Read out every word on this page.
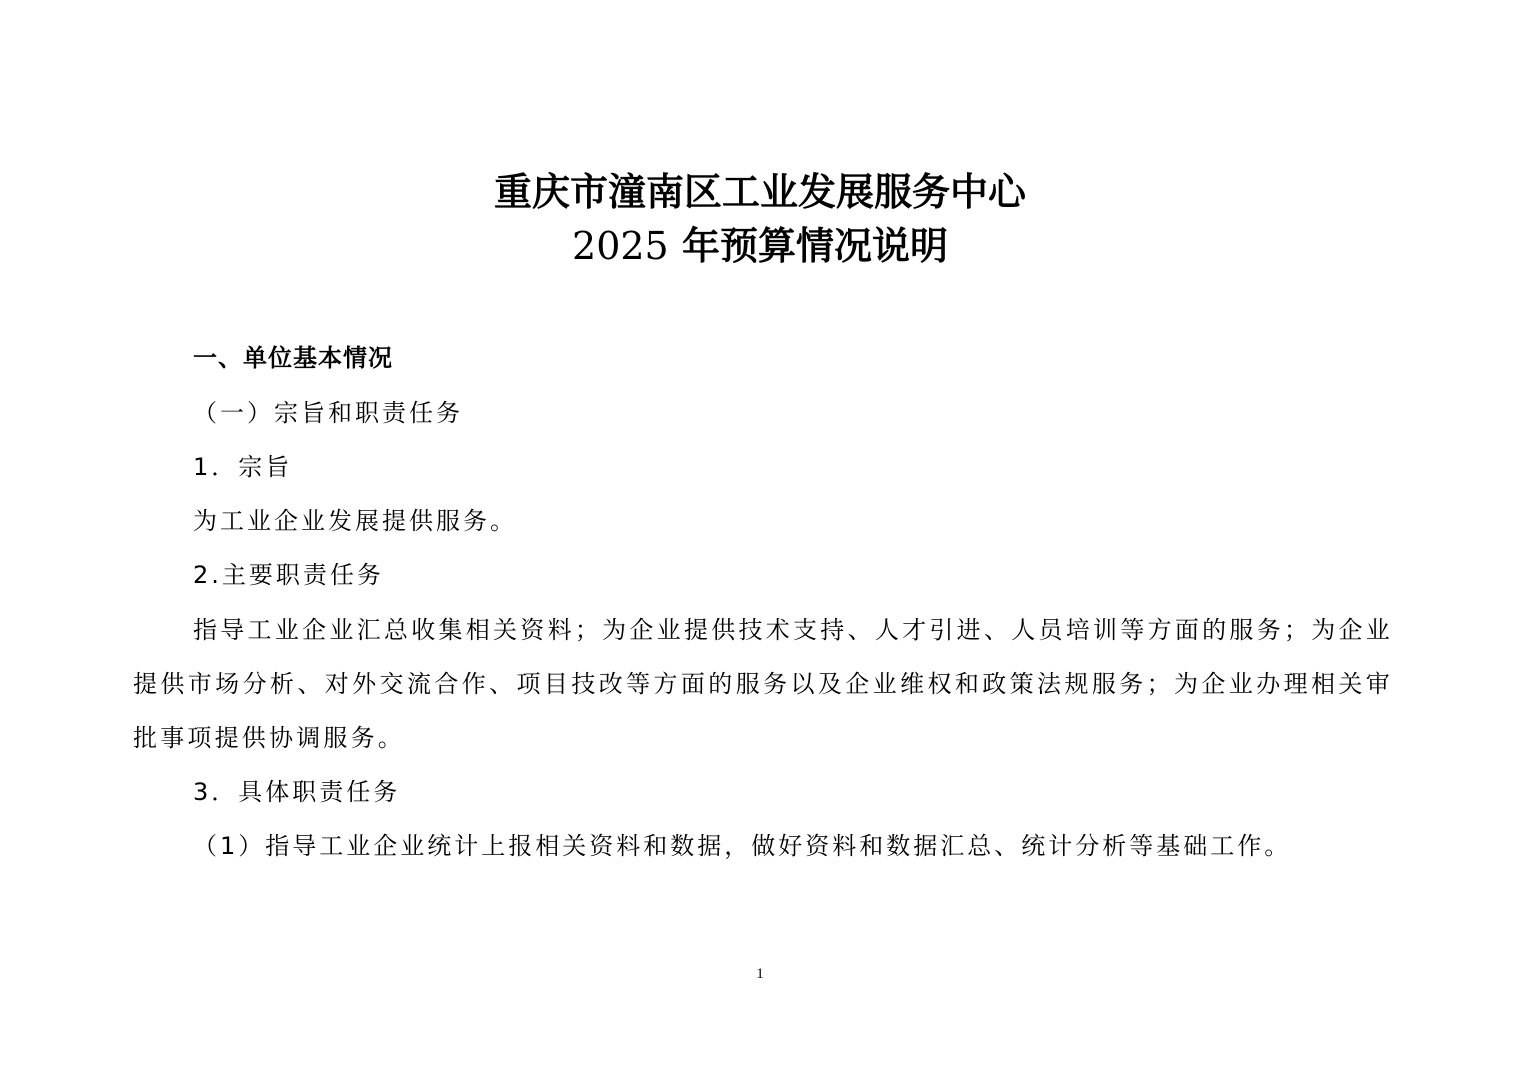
重庆市潼南区工业发展服务中心
2025 年预算情况说明
一、单位基本情况
（一）宗旨和职责任务
1．宗旨
为工业企业发展提供服务。
2.主要职责任务
指导工业企业汇总收集相关资料；为企业提供技术支持、人才引进、人员培训等方面的服务；为企业提供市场分析、对外交流合作、项目技改等方面的服务以及企业维权和政策法规服务；为企业办理相关审批事项提供协调服务。
3．具体职责任务
（1）指导工业企业统计上报相关资料和数据，做好资料和数据汇总、统计分析等基础工作。
1
